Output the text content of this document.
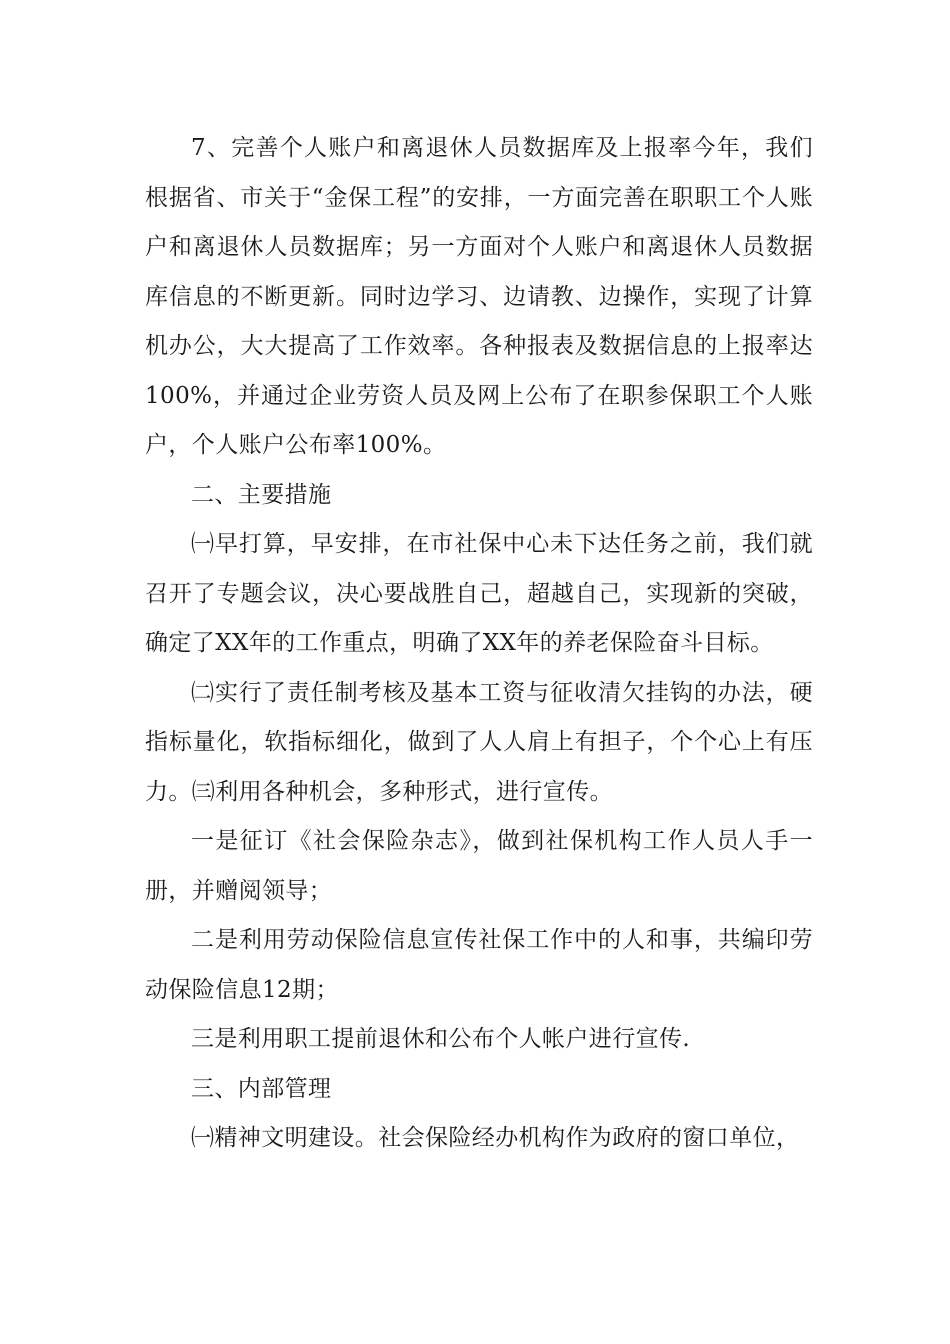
7、完善个人账户和离退休人员数据库及上报率今年，我们根据省、市关于“金保工程”的安排，一方面完善在职职工个人账户和离退休人员数据库；另一方面对个人账户和离退休人员数据库信息的不断更新。同时边学习、边请教、边操作，实现了计算机办公，大大提高了工作效率。各种报表及数据信息的上报率达100%，并通过企业劳资人员及网上公布了在职参保职工个人账户，个人账户公布率100%。

二、主要措施

㈠早打算，早安排，在市社保中心未下达任务之前，我们就召开了专题会议，决心要战胜自己，超越自己，实现新的突破，确定了XX年的工作重点，明确了XX年的养老保险奋斗目标。

㈡实行了责任制考核及基本工资与征收清欠挂钩的办法，硬指标量化，软指标细化，做到了人人肩上有担子，个个心上有压力。㈢利用各种机会，多种形式，进行宣传。

一是征订《社会保险杂志》，做到社保机构工作人员人手一册，并赠阅领导；

二是利用劳动保险信息宣传社保工作中的人和事，共编印劳动保险信息12期；

三是利用职工提前退休和公布个人帐户进行宣传.

三、内部管理

㈠精神文明建设。社会保险经办机构作为政府的窗口单位，
